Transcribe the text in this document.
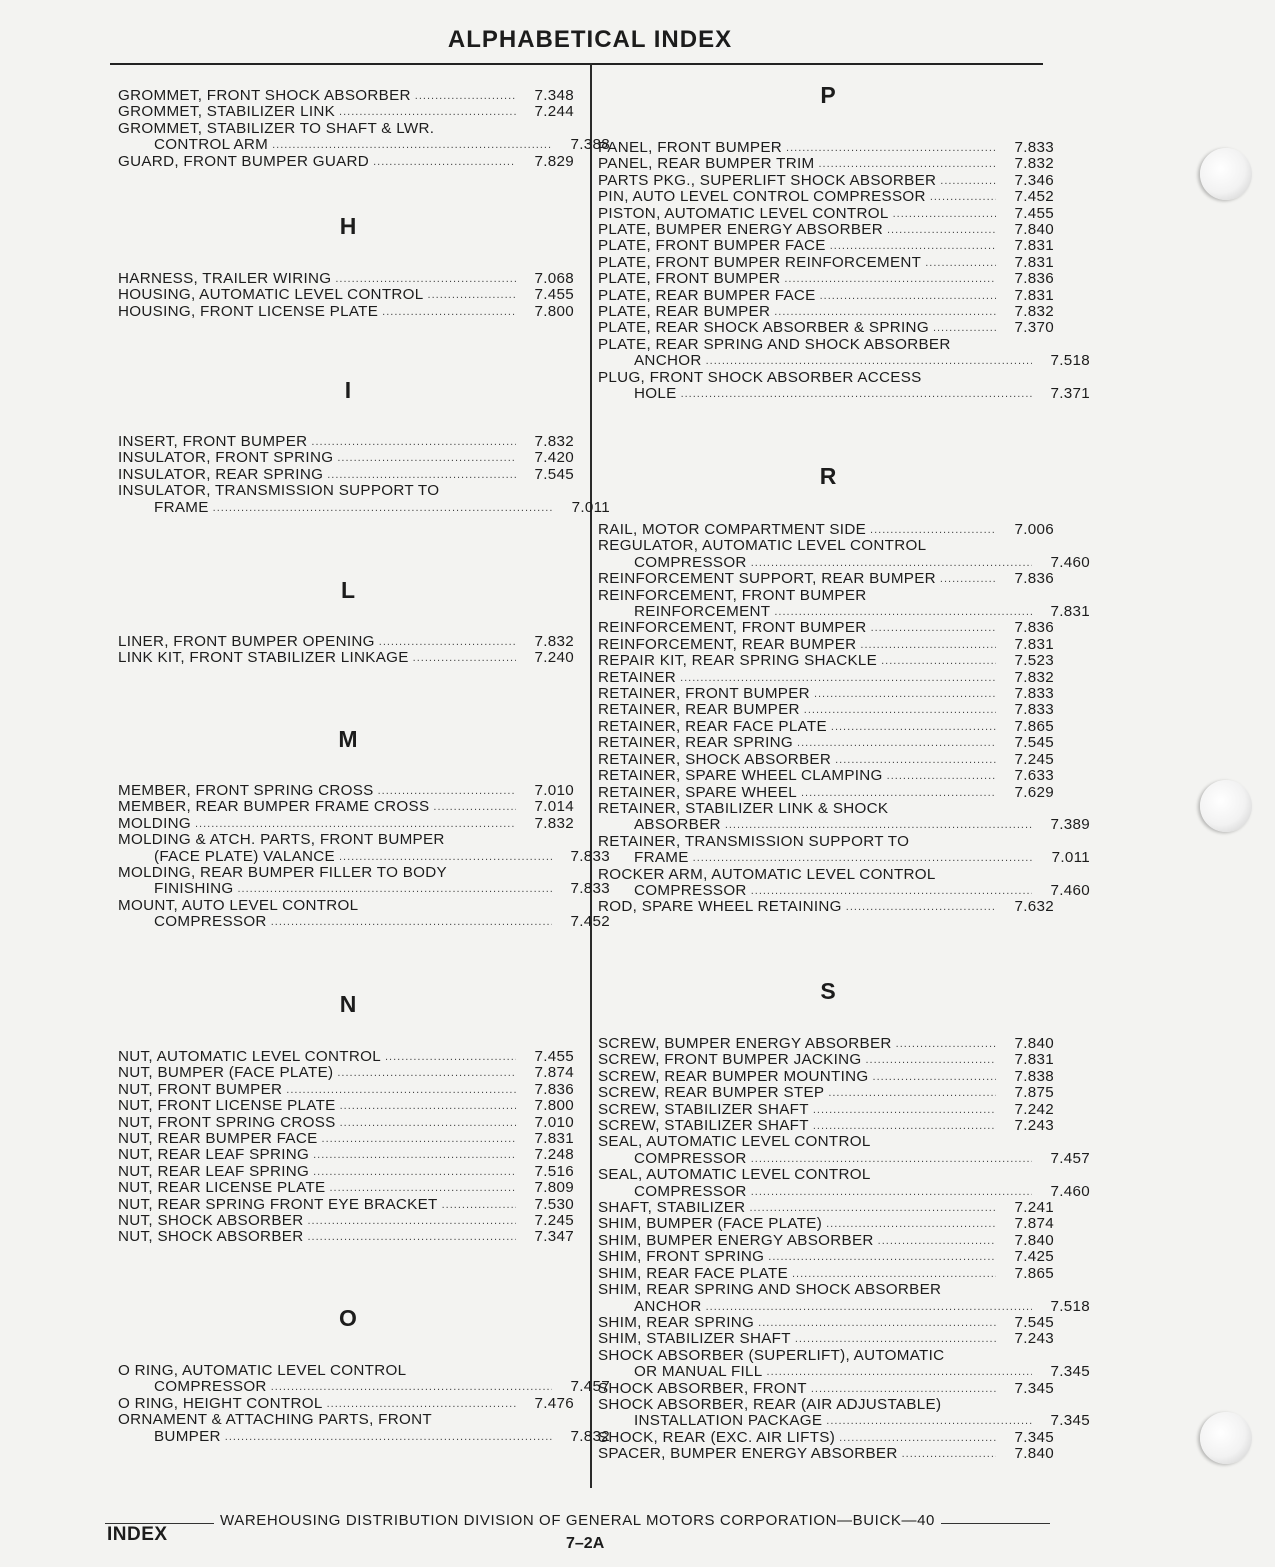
ALPHABETICAL INDEX
GROMMET, FRONT SHOCK ABSORBER .....	7.348
GROMMET, STABILIZER LINK .....	7.244
GROMMET, STABILIZER TO SHAFT & LWR.
CONTROL ARM .....	7.388
GUARD, FRONT BUMPER GUARD .....	7.829
H
HARNESS, TRAILER WIRING .....	7.068
HOUSING, AUTOMATIC LEVEL CONTROL .....	7.455
HOUSING, FRONT LICENSE PLATE .....	7.800
I
INSERT, FRONT BUMPER .....	7.832
INSULATOR, FRONT SPRING .....	7.420
INSULATOR, REAR SPRING .....	7.545
INSULATOR, TRANSMISSION SUPPORT TO
FRAME .....	7.011
L
LINER, FRONT BUMPER OPENING .....	7.832
LINK KIT, FRONT STABILIZER LINKAGE .....	7.240
M
MEMBER, FRONT SPRING CROSS .....	7.010
MEMBER, REAR BUMPER FRAME CROSS .....	7.014
MOLDING .....	7.832
MOLDING & ATCH. PARTS, FRONT BUMPER
(FACE PLATE) VALANCE .....	7.833
MOLDING, REAR BUMPER FILLER TO BODY
FINISHING .....	7.833
MOUNT, AUTO LEVEL CONTROL
COMPRESSOR .....	7.452
N
NUT, AUTOMATIC LEVEL CONTROL .....	7.455
NUT, BUMPER (FACE PLATE) .....	7.874
NUT, FRONT BUMPER .....	7.836
NUT, FRONT LICENSE PLATE .....	7.800
NUT, FRONT SPRING CROSS .....	7.010
NUT, REAR BUMPER FACE .....	7.831
NUT, REAR LEAF SPRING .....	7.248
NUT, REAR LEAF SPRING .....	7.516
NUT, REAR LICENSE PLATE .....	7.809
NUT, REAR SPRING FRONT EYE BRACKET .....	7.530
NUT, SHOCK ABSORBER .....	7.245
NUT, SHOCK ABSORBER .....	7.347
O
O RING, AUTOMATIC LEVEL CONTROL
COMPRESSOR .....	7.457
O RING, HEIGHT CONTROL .....	7.476
ORNAMENT & ATTACHING PARTS, FRONT
BUMPER .....	7.832
P
PANEL, FRONT BUMPER .....	7.833
PANEL, REAR BUMPER TRIM .....	7.832
PARTS PKG., SUPERLIFT SHOCK ABSORBER .....	7.346
PIN, AUTO LEVEL CONTROL COMPRESSOR .....	7.452
PISTON, AUTOMATIC LEVEL CONTROL .....	7.455
PLATE, BUMPER ENERGY ABSORBER .....	7.840
PLATE, FRONT BUMPER FACE .....	7.831
PLATE, FRONT BUMPER REINFORCEMENT .....	7.831
PLATE, FRONT BUMPER .....	7.836
PLATE, REAR BUMPER FACE .....	7.831
PLATE, REAR BUMPER .....	7.832
PLATE, REAR SHOCK ABSORBER & SPRING .....	7.370
PLATE, REAR SPRING AND SHOCK ABSORBER
ANCHOR .....	7.518
PLUG, FRONT SHOCK ABSORBER ACCESS
HOLE .....	7.371
R
RAIL, MOTOR COMPARTMENT SIDE .....	7.006
REGULATOR, AUTOMATIC LEVEL CONTROL
COMPRESSOR .....	7.460
REINFORCEMENT SUPPORT, REAR BUMPER .....	7.836
REINFORCEMENT, FRONT BUMPER
REINFORCEMENT .....	7.831
REINFORCEMENT, FRONT BUMPER .....	7.836
REINFORCEMENT, REAR BUMPER .....	7.831
REPAIR KIT, REAR SPRING SHACKLE .....	7.523
RETAINER .....	7.832
RETAINER, FRONT BUMPER .....	7.833
RETAINER, REAR BUMPER .....	7.833
RETAINER, REAR FACE PLATE .....	7.865
RETAINER, REAR SPRING .....	7.545
RETAINER, SHOCK ABSORBER .....	7.245
RETAINER, SPARE WHEEL CLAMPING .....	7.633
RETAINER, SPARE WHEEL .....	7.629
RETAINER, STABILIZER LINK & SHOCK
ABSORBER .....	7.389
RETAINER, TRANSMISSION SUPPORT TO
FRAME .....	7.011
ROCKER ARM, AUTOMATIC LEVEL CONTROL
COMPRESSOR .....	7.460
ROD, SPARE WHEEL RETAINING .....	7.632
S
SCREW, BUMPER ENERGY ABSORBER .....	7.840
SCREW, FRONT BUMPER JACKING .....	7.831
SCREW, REAR BUMPER MOUNTING .....	7.838
SCREW, REAR BUMPER STEP .....	7.875
SCREW, STABILIZER SHAFT .....	7.242
SCREW, STABILIZER SHAFT .....	7.243
SEAL, AUTOMATIC LEVEL CONTROL
COMPRESSOR .....	7.457
SEAL, AUTOMATIC LEVEL CONTROL
COMPRESSOR .....	7.460
SHAFT, STABILIZER .....	7.241
SHIM, BUMPER (FACE PLATE) .....	7.874
SHIM, BUMPER ENERGY ABSORBER .....	7.840
SHIM, FRONT SPRING .....	7.425
SHIM, REAR FACE PLATE .....	7.865
SHIM, REAR SPRING AND SHOCK ABSORBER
ANCHOR .....	7.518
SHIM, REAR SPRING .....	7.545
SHIM, STABILIZER SHAFT .....	7.243
SHOCK ABSORBER (SUPERLIFT), AUTOMATIC
OR MANUAL FILL .....	7.345
SHOCK ABSORBER, FRONT .....	7.345
SHOCK ABSORBER, REAR (AIR ADJUSTABLE)
INSTALLATION PACKAGE .....	7.345
SHOCK, REAR (EXC. AIR LIFTS) .....	7.345
SPACER, BUMPER ENERGY ABSORBER .....	7.840
WAREHOUSING DISTRIBUTION DIVISION OF GENERAL MOTORS CORPORATION—BUICK—40
INDEX	7–2A
